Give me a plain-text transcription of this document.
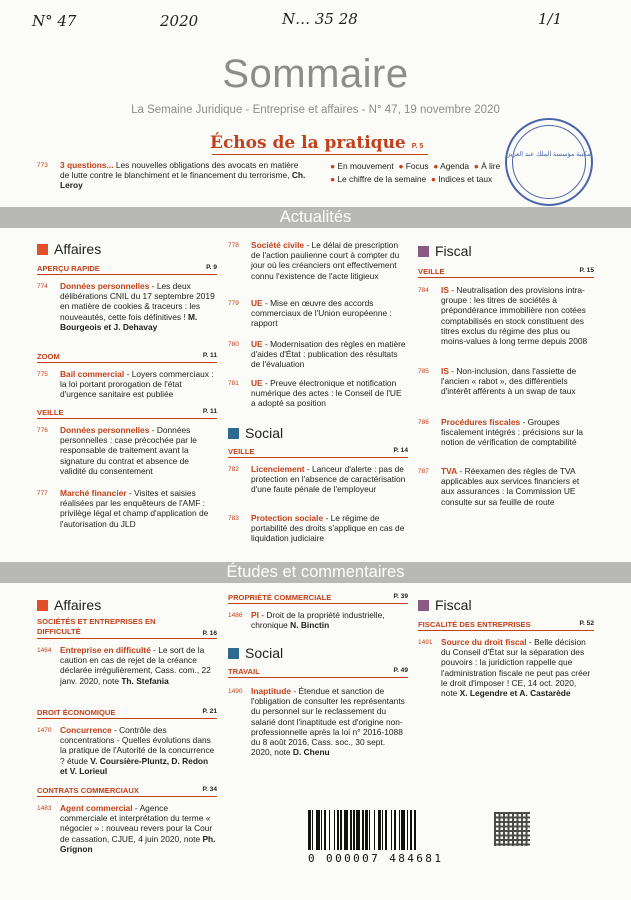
N° 47	2020	N… 35 28	1/1
Sommaire
La Semaine Juridique - Entreprise et affaires - N° 47, 19 novembre 2020
مكتبة مؤسسة الملك عبد العزيز
Échos de la pratique P. 5
773 3 questions... Les nouvelles obligations des avocats en matière de lutte contre le blanchiment et le financement du terrorisme, Ch. Leroy
● En mouvement ● Focus ● Agenda ● À lire
● Le chiffre de la semaine ● Indices et taux
Actualités
Affaires
APERÇU RAPIDE	P. 9
774 Données personnelles - Les deux délibérations CNIL du 17 septembre 2019 en matière de cookies & traceurs : les nouveautés, cette fois définitives ! M. Bourgeois et J. Dehavay
ZOOM	P. 11
775 Bail commercial - Loyers commerciaux : la loi portant prorogation de l'état d'urgence sanitaire est publiée
VEILLE	P. 11
776 Données personnelles - Données personnelles : case précochée par le responsable de traitement avant la signature du contrat et absence de validité du consentement
777 Marché financier - Visites et saisies réalisées par les enquêteurs de l'AMF : privilège légal et champ d'application de l'autorisation du JLD
778 Société civile - Le délai de prescription de l'action paulienne court à compter du jour où les créanciers ont effectivement connu l'existence de l'acte litigieux
779 UE - Mise en œuvre des accords commerciaux de l'Union européenne : rapport
780 UE - Modernisation des règles en matière d'aides d'État : publication des résultats de l'évaluation
781 UE - Preuve électronique et notification numérique des actes : le Conseil de l'UE a adopté sa position
Social
VEILLE	P. 14
782 Licenciement - Lanceur d'alerte : pas de protection en l'absence de caractérisation d'une faute pénale de l'employeur
783 Protection sociale - Le régime de portabilité des droits s'applique en cas de liquidation judiciaire
Fiscal
VEILLE	P. 15
784 IS - Neutralisation des provisions intra-groupe : les titres de sociétés à prépondérance immobilière non cotées comptabilisés en stock constituent des titres exclus du régime des plus ou moins-values à long terme depuis 2008
785 IS - Non-inclusion, dans l'assiette de l'ancien « rabot », des différentiels d'intérêt afférents à un swap de taux
786 Procédures fiscales - Groupes fiscalement intégrés : précisions sur la notion de vérification de comptabilité
787 TVA - Réexamen des règles de TVA applicables aux services financiers et aux assurances : la Commission UE consulte sur sa feuille de route
Études et commentaires
Affaires
SOCIÉTÉS ET ENTREPRISES EN DIFFICULTÉ	P. 16
1464 Entreprise en difficulté - Le sort de la caution en cas de rejet de la créance déclarée irrégulièrement, Cass. com., 22 janv. 2020, note Th. Stefania
DROIT ÉCONOMIQUE	P. 21
1470 Concurrence - Contrôle des concentrations - Quelles évolutions dans la pratique de l'Autorité de la concurrence ? étude V. Coursière-Pluntz, D. Redon et V. Lorieul
CONTRATS COMMERCIAUX	P. 34
1483 Agent commercial - Agence commerciale et interprétation du terme « négocier » : nouveau revers pour la Cour de cassation, CJUE, 4 juin 2020, note Ph. Grignon
PROPRIÉTÉ COMMERCIALE	P. 39
1486 PI - Droit de la propriété industrielle, chronique N. Binctin
Social
TRAVAIL	P. 49
1490 Inaptitude - Étendue et sanction de l'obligation de consulter les représentants du personnel sur le reclassement du salarié dont l'inaptitude est d'origine non-professionnelle après la loi n° 2016-1088 du 8 août 2016, Cass. soc., 30 sept. 2020, note D. Chenu
Fiscal
FISCALITÉ DES ENTREPRISES	P. 52
1491 Source du droit fiscal - Belle décision du Conseil d'État sur la séparation des pouvoirs : la juridiction rappelle que l'administration fiscale ne peut pas créer le droit d'imposer ! CE, 14 oct. 2020, note X. Legendre et A. Castarède
0 000007 484681
